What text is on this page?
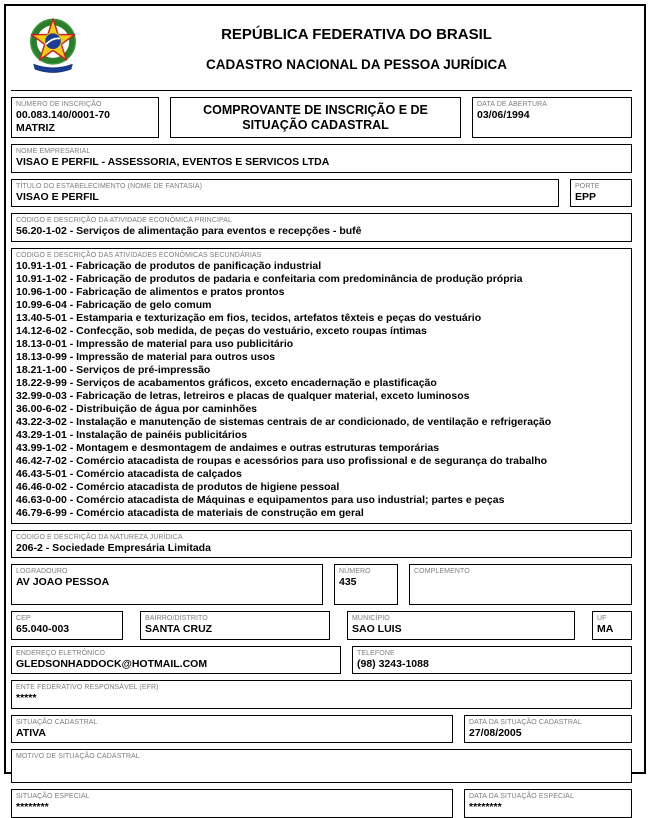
REPÚBLICA FEDERATIVA DO BRASIL
CADASTRO NACIONAL DA PESSOA JURÍDICA
NÚMERO DE INSCRIÇÃO
00.083.140/0001-70
MATRIZ
COMPROVANTE DE INSCRIÇÃO E DE SITUAÇÃO CADASTRAL
DATA DE ABERTURA
03/06/1994
NOME EMPRESARIAL
VISAO E PERFIL - ASSESSORIA, EVENTOS E SERVICOS LTDA
TÍTULO DO ESTABELECIMENTO (NOME DE FANTASIA)
VISAO E PERFIL
PORTE
EPP
CÓDIGO E DESCRIÇÃO DA ATIVIDADE ECONÔMICA PRINCIPAL
56.20-1-02 - Serviços de alimentação para eventos e recepções - bufê
CÓDIGO E DESCRIÇÃO DAS ATIVIDADES ECONÔMICAS SECUNDÁRIAS
10.91-1-01 - Fabricação de produtos de panificação industrial
10.91-1-02 - Fabricação de produtos de padaria e confeitaria com predominância de produção própria
10.96-1-00 - Fabricação de alimentos e pratos prontos
10.99-6-04 - Fabricação de gelo comum
13.40-5-01 - Estamparia e texturização em fios, tecidos, artefatos têxteis e peças do vestuário
14.12-6-02 - Confecção, sob medida, de peças do vestuário, exceto roupas íntimas
18.13-0-01 - Impressão de material para uso publicitário
18.13-0-99 - Impressão de material para outros usos
18.21-1-00 - Serviços de pré-impressão
18.22-9-99 - Serviços de acabamentos gráficos, exceto encadernação e plastificação
32.99-0-03 - Fabricação de letras, letreiros e placas de qualquer material, exceto luminosos
36.00-6-02 - Distribuição de água por caminhões
43.22-3-02 - Instalação e manutenção de sistemas centrais de ar condicionado, de ventilação e refrigeração
43.29-1-01 - Instalação de painéis publicitários
43.99-1-02 - Montagem e desmontagem de andaimes e outras estruturas temporárias
46.42-7-02 - Comércio atacadista de roupas e acessórios para uso profissional e de segurança do trabalho
46.43-5-01 - Comércio atacadista de calçados
46.46-0-02 - Comércio atacadista de produtos de higiene pessoal
46.63-0-00 - Comércio atacadista de Máquinas e equipamentos para uso industrial; partes e peças
46.79-6-99 - Comércio atacadista de materiais de construção em geral
CÓDIGO E DESCRIÇÃO DA NATUREZA JURÍDICA
206-2 - Sociedade Empresária Limitada
LOGRADOURO
AV JOAO PESSOA

NÚMERO
435
COMPLEMENTO
CEP
65.040-003
BAIRRO/DISTRITO
SANTA CRUZ
MUNICÍPIO
SAO LUIS
UF
MA
ENDEREÇO ELETRÔNICO
GLEDSONHADDOCK@HOTMAIL.COM
TELEFONE
(98) 3243-1088
ENTE FEDERATIVO RESPONSÁVEL (EFR)
*****
SITUAÇÃO CADASTRAL
ATIVA
DATA DA SITUAÇÃO CADASTRAL
27/08/2005
MOTIVO DE SITUAÇÃO CADASTRAL
SITUAÇÃO ESPECIAL
********
DATA DA SITUAÇÃO ESPECIAL
********
